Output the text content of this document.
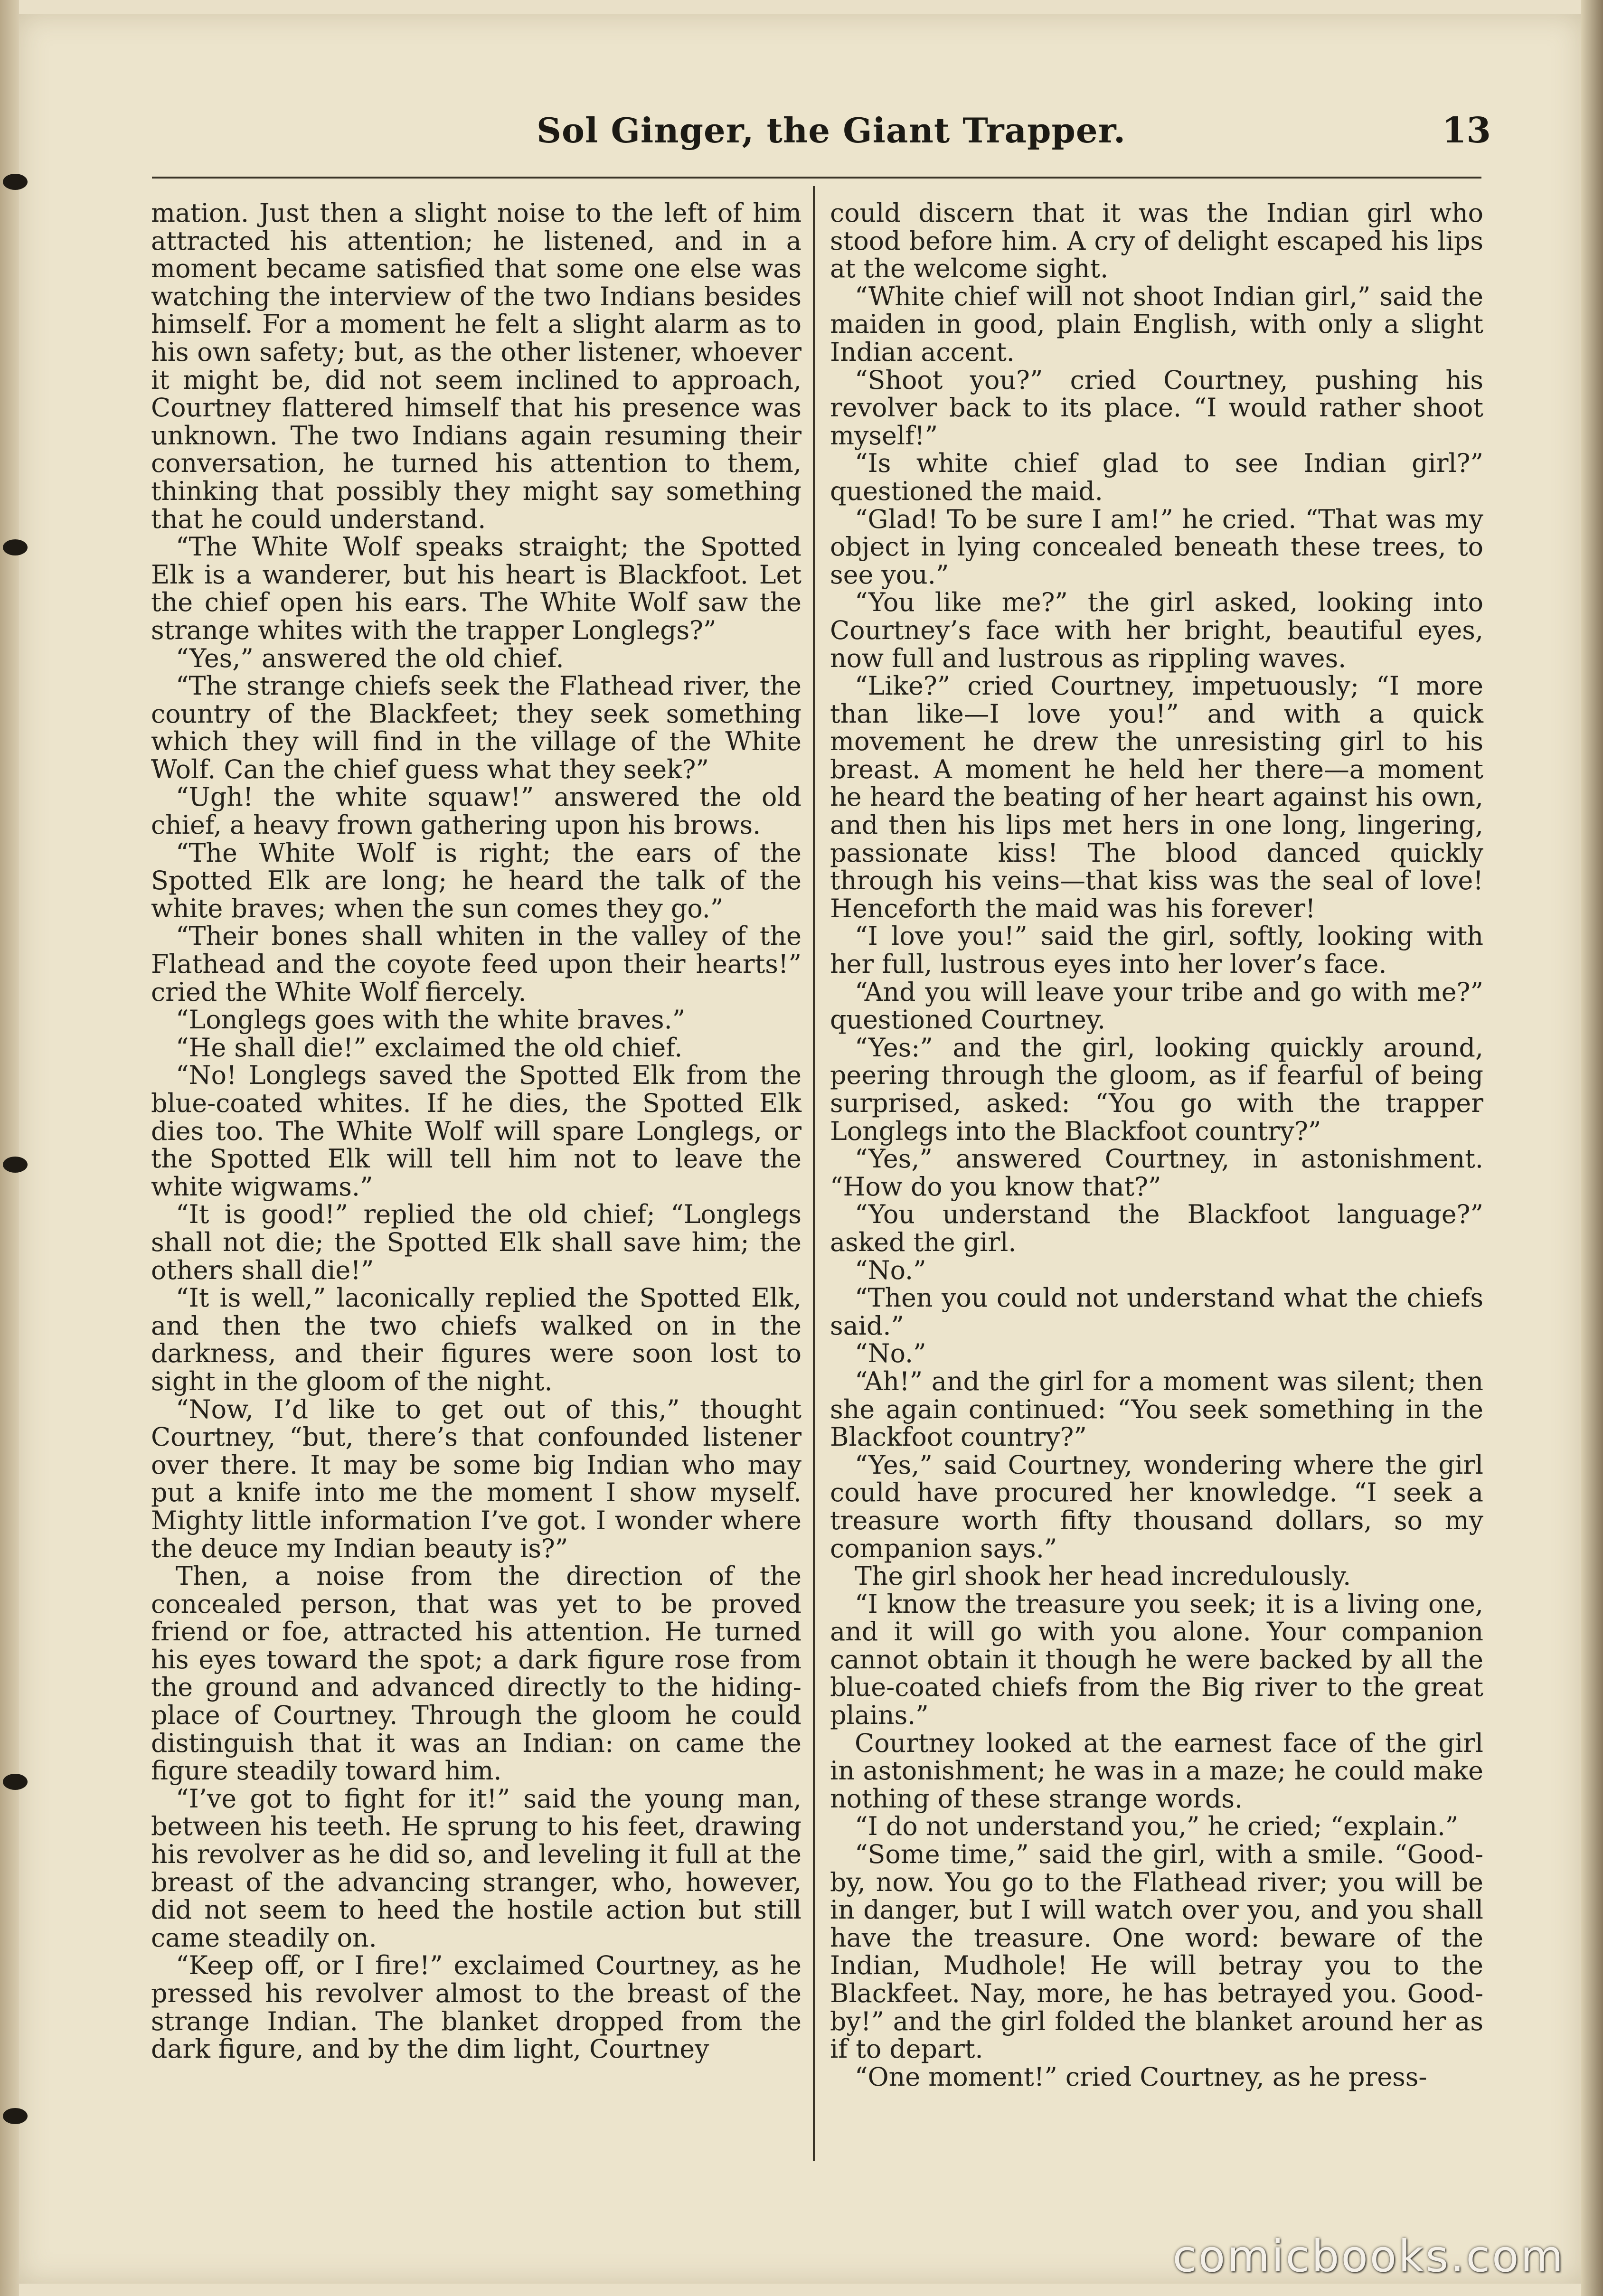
Sol Ginger, the Giant Trapper.	13

mation. Just then a slight noise to the left of him attracted his attention; he listened, and in a moment became satisfied that some one else was watching the interview of the two Indians besides himself. For a moment he felt a slight alarm as to his own safety; but, as the other listener, whoever it might be, did not seem inclined to approach, Courtney flattered himself that his presence was unknown. The two Indians again resuming their conversation, he turned his attention to them, thinking that possibly they might say something that he could understand.

“The White Wolf speaks straight; the Spotted Elk is a wanderer, but his heart is Blackfoot. Let the chief open his ears. The White Wolf saw the strange whites with the trapper Longlegs?”

“Yes,” answered the old chief.

“The strange chiefs seek the Flathead river, the country of the Blackfeet; they seek something which they will find in the village of the White Wolf. Can the chief guess what they seek?”

“Ugh! the white squaw!” answered the old chief, a heavy frown gathering upon his brows.

“The White Wolf is right; the ears of the Spotted Elk are long; he heard the talk of the white braves; when the sun comes they go.”

“Their bones shall whiten in the valley of the Flathead and the coyote feed upon their hearts!” cried the White Wolf fiercely.

“Longlegs goes with the white braves.”

“He shall die!” exclaimed the old chief.

“No! Longlegs saved the Spotted Elk from the blue-coated whites. If he dies, the Spotted Elk dies too. The White Wolf will spare Longlegs, or the Spotted Elk will tell him not to leave the white wigwams.”

“It is good!” replied the old chief; “Longlegs shall not die; the Spotted Elk shall save him; the others shall die!”

“It is well,” laconically replied the Spotted Elk, and then the two chiefs walked on in the darkness, and their figures were soon lost to sight in the gloom of the night.

“Now, I’d like to get out of this,” thought Courtney, “but, there’s that confounded listener over there. It may be some big Indian who may put a knife into me the moment I show myself. Mighty little information I’ve got. I wonder where the deuce my Indian beauty is?”

Then, a noise from the direction of the concealed person, that was yet to be proved friend or foe, attracted his attention. He turned his eyes toward the spot; a dark figure rose from the ground and advanced directly to the hiding-place of Courtney. Through the gloom he could distinguish that it was an Indian: on came the figure steadily toward him.

“I’ve got to fight for it!” said the young man, between his teeth. He sprung to his feet, drawing his revolver as he did so, and leveling it full at the breast of the advancing stranger, who, however, did not seem to heed the hostile action but still came steadily on.

“Keep off, or I fire!” exclaimed Courtney, as he pressed his revolver almost to the breast of the strange Indian. The blanket dropped from the dark figure, and by the dim light, Courtney

could discern that it was the Indian girl who stood before him. A cry of delight escaped his lips at the welcome sight.

“White chief will not shoot Indian girl,” said the maiden in good, plain English, with only a slight Indian accent.

“Shoot you?” cried Courtney, pushing his revolver back to its place. “I would rather shoot myself!”

“Is white chief glad to see Indian girl?” questioned the maid.

“Glad! To be sure I am!” he cried. “That was my object in lying concealed beneath these trees, to see you.”

“You like me?” the girl asked, looking into Courtney’s face with her bright, beautiful eyes, now full and lustrous as rippling waves.

“Like?” cried Courtney, impetuously; “I more than like—I love you!” and with a quick movement he drew the unresisting girl to his breast. A moment he held her there—a moment he heard the beating of her heart against his own, and then his lips met hers in one long, lingering, passionate kiss! The blood danced quickly through his veins—that kiss was the seal of love! Henceforth the maid was his forever!

“I love you!” said the girl, softly, looking with her full, lustrous eyes into her lover’s face.

“And you will leave your tribe and go with me?” questioned Courtney.

“Yes:” and the girl, looking quickly around, peering through the gloom, as if fearful of being surprised, asked: “You go with the trapper Longlegs into the Blackfoot country?”

“Yes,” answered Courtney, in astonishment. “How do you know that?”

“You understand the Blackfoot language?” asked the girl.

“No.”

“Then you could not understand what the chiefs said.”

“No.”

“Ah!” and the girl for a moment was silent; then she again continued: “You seek something in the Blackfoot country?”

“Yes,” said Courtney, wondering where the girl could have procured her knowledge. “I seek a treasure worth fifty thousand dollars, so my companion says.”

The girl shook her head incredulously.

“I know the treasure you seek; it is a living one, and it will go with you alone. Your companion cannot obtain it though he were backed by all the blue-coated chiefs from the Big river to the great plains.”

Courtney looked at the earnest face of the girl in astonishment; he was in a maze; he could make nothing of these strange words.

“I do not understand you,” he cried; “explain.”

“Some time,” said the girl, with a smile. “Good-by, now. You go to the Flathead river; you will be in danger, but I will watch over you, and you shall have the treasure. One word: beware of the Indian, Mudhole! He will betray you to the Blackfeet. Nay, more, he has betrayed you. Good-by!” and the girl folded the blanket around her as if to depart.

“One moment!” cried Courtney, as he press-

comicbooks.com
